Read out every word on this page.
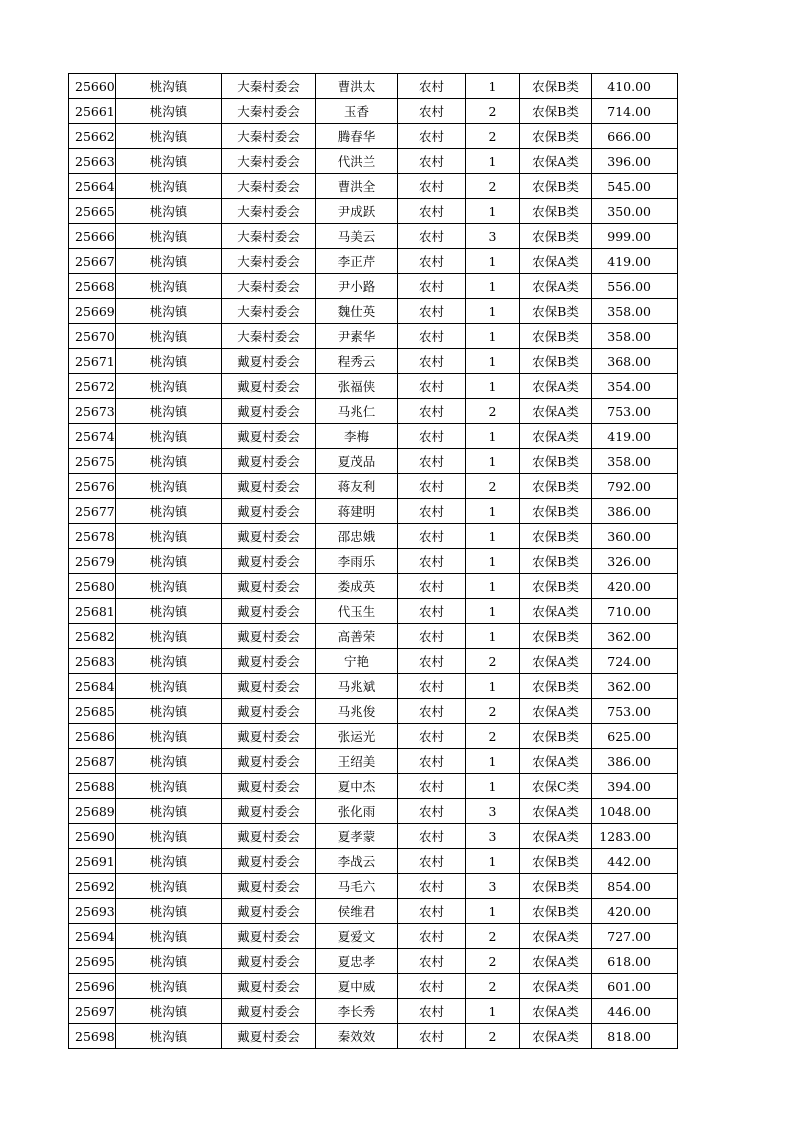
25660	桃沟镇	大秦村委会	曹洪太	农村	1	农保B类	410.00
25661	桃沟镇	大秦村委会	玉香	农村	2	农保B类	714.00
25662	桃沟镇	大秦村委会	腾春华	农村	2	农保B类	666.00
25663	桃沟镇	大秦村委会	代洪兰	农村	1	农保A类	396.00
25664	桃沟镇	大秦村委会	曹洪全	农村	2	农保B类	545.00
25665	桃沟镇	大秦村委会	尹成跃	农村	1	农保B类	350.00
25666	桃沟镇	大秦村委会	马美云	农村	3	农保B类	999.00
25667	桃沟镇	大秦村委会	李正芹	农村	1	农保A类	419.00
25668	桃沟镇	大秦村委会	尹小路	农村	1	农保A类	556.00
25669	桃沟镇	大秦村委会	魏仕英	农村	1	农保B类	358.00
25670	桃沟镇	大秦村委会	尹素华	农村	1	农保B类	358.00
25671	桃沟镇	戴夏村委会	程秀云	农村	1	农保B类	368.00
25672	桃沟镇	戴夏村委会	张福侠	农村	1	农保A类	354.00
25673	桃沟镇	戴夏村委会	马兆仁	农村	2	农保A类	753.00
25674	桃沟镇	戴夏村委会	李梅	农村	1	农保A类	419.00
25675	桃沟镇	戴夏村委会	夏茂品	农村	1	农保B类	358.00
25676	桃沟镇	戴夏村委会	蒋友利	农村	2	农保B类	792.00
25677	桃沟镇	戴夏村委会	蒋建明	农村	1	农保B类	386.00
25678	桃沟镇	戴夏村委会	邵忠娥	农村	1	农保B类	360.00
25679	桃沟镇	戴夏村委会	李雨乐	农村	1	农保B类	326.00
25680	桃沟镇	戴夏村委会	娄成英	农村	1	农保B类	420.00
25681	桃沟镇	戴夏村委会	代玉生	农村	1	农保A类	710.00
25682	桃沟镇	戴夏村委会	高善荣	农村	1	农保B类	362.00
25683	桃沟镇	戴夏村委会	宁艳	农村	2	农保A类	724.00
25684	桃沟镇	戴夏村委会	马兆斌	农村	1	农保B类	362.00
25685	桃沟镇	戴夏村委会	马兆俊	农村	2	农保A类	753.00
25686	桃沟镇	戴夏村委会	张运光	农村	2	农保B类	625.00
25687	桃沟镇	戴夏村委会	王绍美	农村	1	农保A类	386.00
25688	桃沟镇	戴夏村委会	夏中杰	农村	1	农保C类	394.00
25689	桃沟镇	戴夏村委会	张化雨	农村	3	农保A类	1048.00
25690	桃沟镇	戴夏村委会	夏孝蒙	农村	3	农保A类	1283.00
25691	桃沟镇	戴夏村委会	李战云	农村	1	农保B类	442.00
25692	桃沟镇	戴夏村委会	马毛六	农村	3	农保B类	854.00
25693	桃沟镇	戴夏村委会	侯维君	农村	1	农保B类	420.00
25694	桃沟镇	戴夏村委会	夏爱文	农村	2	农保A类	727.00
25695	桃沟镇	戴夏村委会	夏忠孝	农村	2	农保A类	618.00
25696	桃沟镇	戴夏村委会	夏中威	农村	2	农保A类	601.00
25697	桃沟镇	戴夏村委会	李长秀	农村	1	农保A类	446.00
25698	桃沟镇	戴夏村委会	秦效效	农村	2	农保A类	818.00
